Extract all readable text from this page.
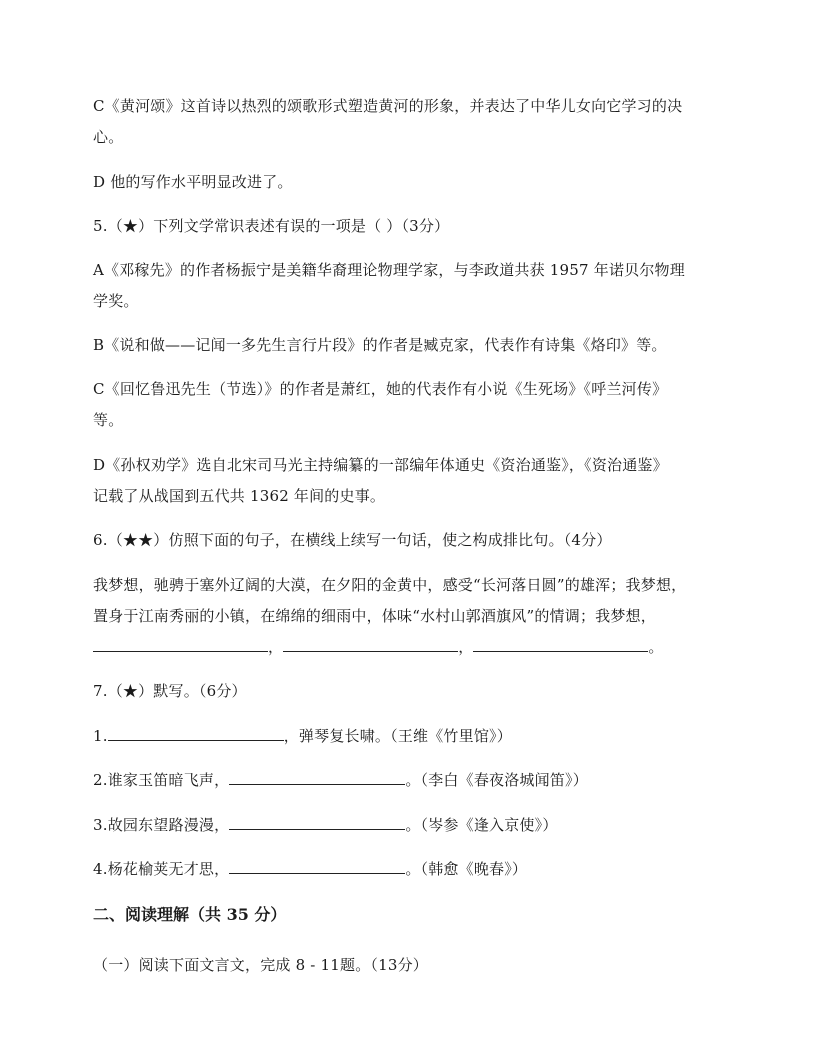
C《黄河颂》这首诗以热烈的颂歌形式塑造黄河的形象，并表达了中华儿女向它学习的决
心。
D 他的写作水平明显改进了。
5.（★）下列文学常识表述有误的一项是（ ）（3分）
A《邓稼先》的作者杨振宁是美籍华裔理论物理学家，与李政道共获 1957 年诺贝尔物理
学奖。
B《说和做——记闻一多先生言行片段》的作者是臧克家，代表作有诗集《烙印》等。
C《回忆鲁迅先生（节选）》的作者是萧红，她的代表作有小说《生死场》《呼兰河传》
等。
D《孙权劝学》选自北宋司马光主持编纂的一部编年体通史《资治通鉴》，《资治通鉴》
记载了从战国到五代共 1362 年间的史事。
6.（★★）仿照下面的句子，在横线上续写一句话，使之构成排比句。（4分）
我梦想，驰骋于塞外辽阔的大漠，在夕阳的金黄中，感受“长河落日圆”的雄浑；我梦想，
置身于江南秀丽的小镇，在绵绵的细雨中，体味“水村山郭酒旗风”的情调；我梦想，
，	，	。
7.（★）默写。（6分）
1.	，弹琴复长啸。（王维《竹里馆》）
2.谁家玉笛暗飞声，	。（李白《春夜洛城闻笛》）
3.故园东望路漫漫，	。（岑参《逢入京使》）
4.杨花榆荚无才思，	。（韩愈《晚春》）
二、阅读理解（共 35 分）
（一）阅读下面文言文，完成 8 - 11题。（13分）
